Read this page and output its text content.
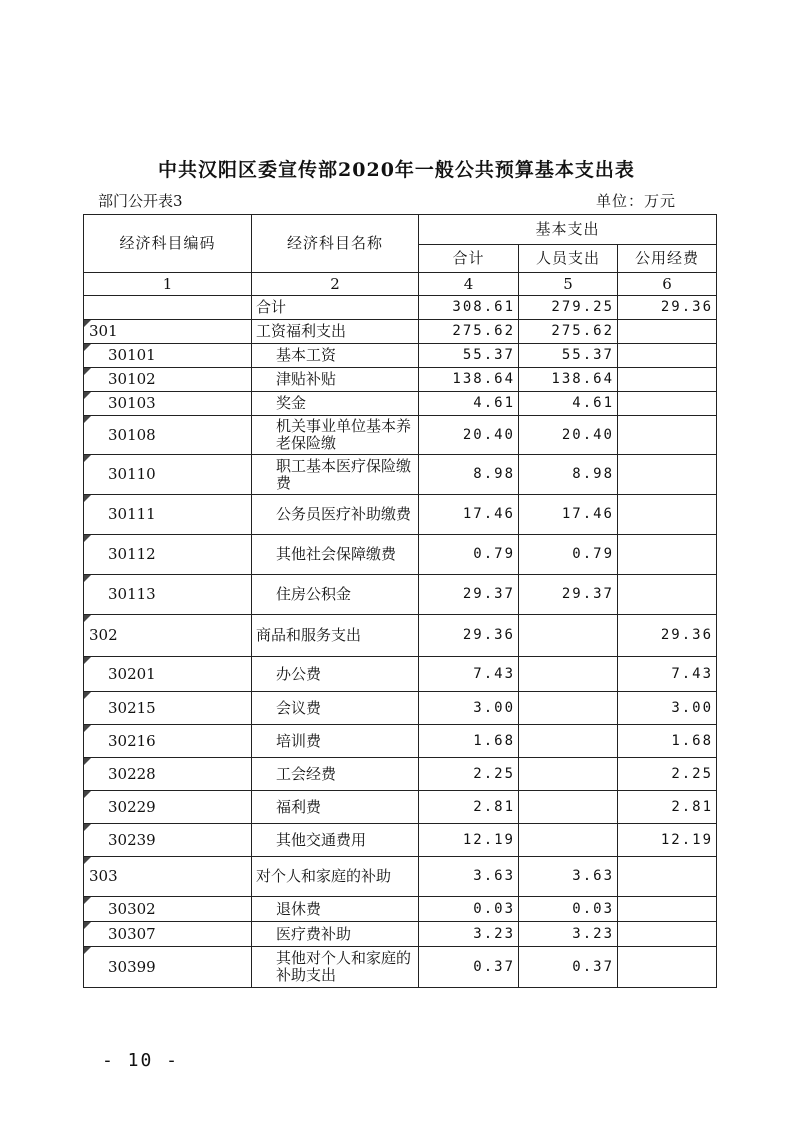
中共汉阳区委宣传部2020年一般公共预算基本支出表
部门公开表3	单位：万元
经济科目编码	经济科目名称	基本支出		
		合计	人员支出	公用经费
1	2	4	5	6
	合计	308.61	279.25	29.36

301	工资福利支出	275.62	275.62	

30101	基本工资	55.37	55.37	

30102	津贴补贴	138.64	138.64	

30103	奖金	4.61	4.61	

30108	机关事业单位基本养老保险缴	20.40	20.40	

30110	职工基本医疗保险缴费	8.98	8.98	

30111	公务员医疗补助缴费	17.46	17.46	

30112	其他社会保障缴费	0.79	0.79	

30113	住房公积金	29.37	29.37	

302	商品和服务支出	29.36		29.36

30201	办公费	7.43		7.43

30215	会议费	3.00		3.00

30216	培训费	1.68		1.68

30228	工会经费	2.25		2.25

30229	福利费	2.81		2.81

30239	其他交通费用	12.19		12.19

303	对个人和家庭的补助	3.63	3.63	

30302	退休费	0.03	0.03	

30307	医疗费补助	3.23	3.23	

30399	其他对个人和家庭的补助支出	0.37	0.37	
- 10 -
